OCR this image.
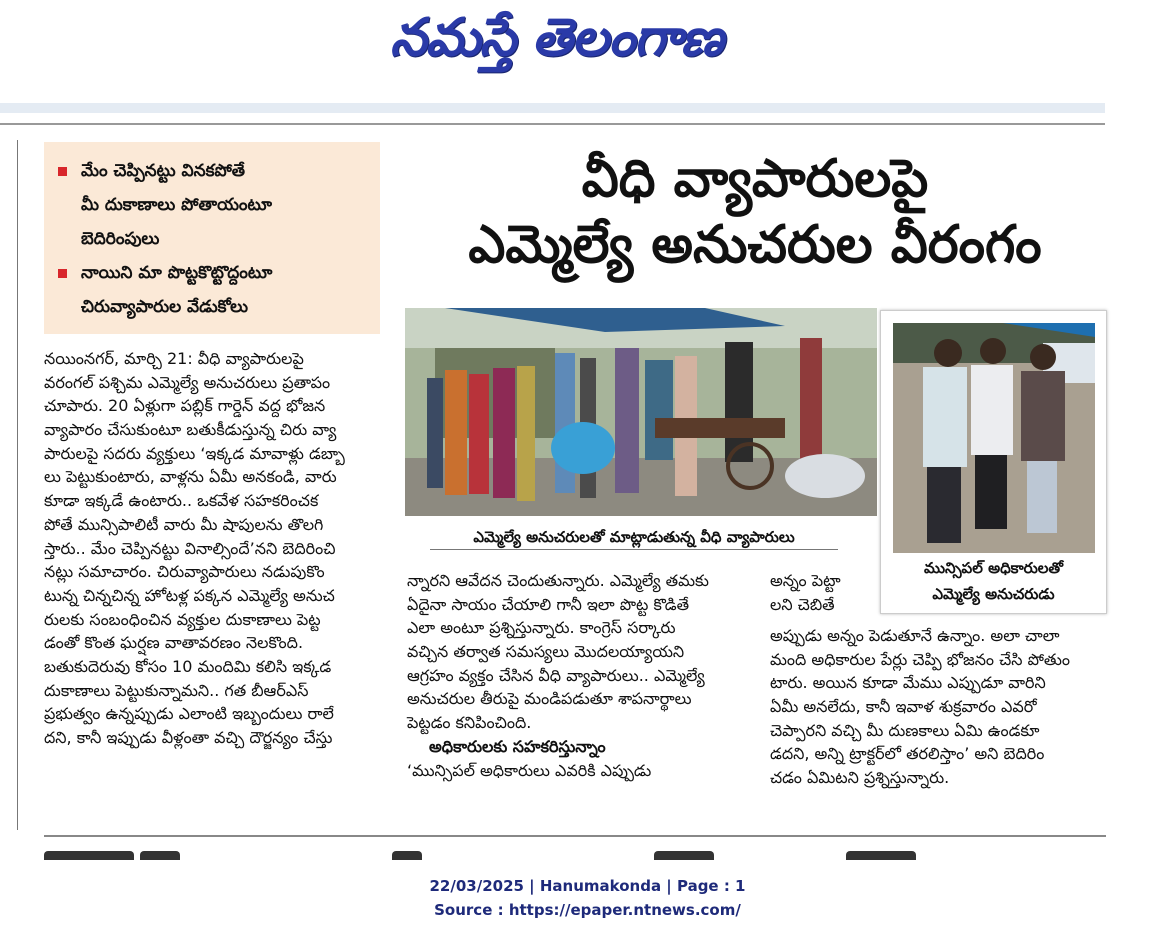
నమస్తే తెలంగాణ
మేం చెప్పినట్టు వినకపోతే
మీ దుకాణాలు పోతాయంటూ
బెదిరింపులు
నాయిని మా పొట్టకొట్టొద్దంటూ
చిరువ్యాపారుల వేడుకోలు
వీధి వ్యాపారులపై
ఎమ్మెల్యే అనుచరుల వీరంగం
ఎమ్మెల్యే అనుచరులతో మాట్లాడుతున్న వీధి వ్యాపారులు
మున్సిపల్ అధికారులతో
ఎమ్మెల్యే అనుచరుడు
నయింనగర్, మార్చి 21: వీధి వ్యాపారులపై
వరంగల్ పశ్చిమ ఎమ్మెల్యే అనుచరులు ప్రతాపం
చూపారు. 20 ఏళ్లుగా పబ్లిక్ గార్డెన్ వద్ద భోజన
వ్యాపారం చేసుకుంటూ బతుకీడుస్తున్న చిరు వ్యా
పారులపై సదరు వ్యక్తులు ‘ఇక్కడ మావాళ్లు డబ్బా
లు పెట్టుకుంటారు, వాళ్లను ఏమీ అనకండి, వారు
కూడా ఇక్కడే ఉంటారు.. ఒకవేళ సహకరించక
పోతే మున్సిపాలిటీ వారు మీ షాపులను తొలగి
స్తారు.. మేం చెప్పినట్టు వినాల్సిందే’నని బెదిరించి
నట్లు సమాచారం. చిరువ్యాపారులు నడుపుకొం
టున్న చిన్నచిన్న హోటళ్ల పక్కన ఎమ్మెల్యే అనుచ
రులకు సంబంధించిన వ్యక్తుల దుకాణాలు పెట్ట
డంతో కొంత ఘర్షణ వాతావరణం నెలకొంది.
బతుకుదెరువు కోసం 10 మందిమి కలిసి ఇక్కడ
దుకాణాలు పెట్టుకున్నామని.. గత బీఆర్ఎస్
ప్రభుత్వం ఉన్నప్పుడు ఎలాంటి ఇబ్బందులు రాలే
దని, కానీ ఇప్పుడు వీళ్లంతా వచ్చి దౌర్జన్యం చేస్తు
న్నారని ఆవేదన చెందుతున్నారు. ఎమ్మెల్యే తమకు
ఏదైనా సాయం చేయాలి గానీ ఇలా పొట్ట కొడితే
ఎలా అంటూ ప్రశ్నిస్తున్నారు. కాంగ్రెస్ సర్కారు
వచ్చిన తర్వాత సమస్యలు మొదలయ్యాయని
ఆగ్రహం వ్యక్తం చేసిన వీధి వ్యాపారులు.. ఎమ్మెల్యే
అనుచరుల తీరుపై మండిపడుతూ శాపనార్థాలు
పెట్టడం కనిపించింది.
అధికారులకు సహకరిస్తున్నాం
‘మున్సిపల్ అధికారులు ఎవరికి ఎప్పుడు
అన్నం పెట్టా
లని చెబితే
అప్పుడు అన్నం పెడుతూనే ఉన్నాం. అలా చాలా
మంది అధికారుల పేర్లు చెప్పి భోజనం చేసి పోతుం
టారు. అయిన కూడా మేము ఎప్పుడూ వారిని
ఏమీ అనలేదు, కానీ ఇవాళ శుక్రవారం ఎవరో
చెప్పారని వచ్చి మీ దుణకాలు ఏమి ఉండకూ
డదని, అన్ని ట్రాక్టర్‌లో తరలిస్తాం’ అని బెదిరిం
చడం ఏమిటని ప్రశ్నిస్తున్నారు.
22/03/2025 | Hanumakonda | Page : 1
Source : https://epaper.ntnews.com/
